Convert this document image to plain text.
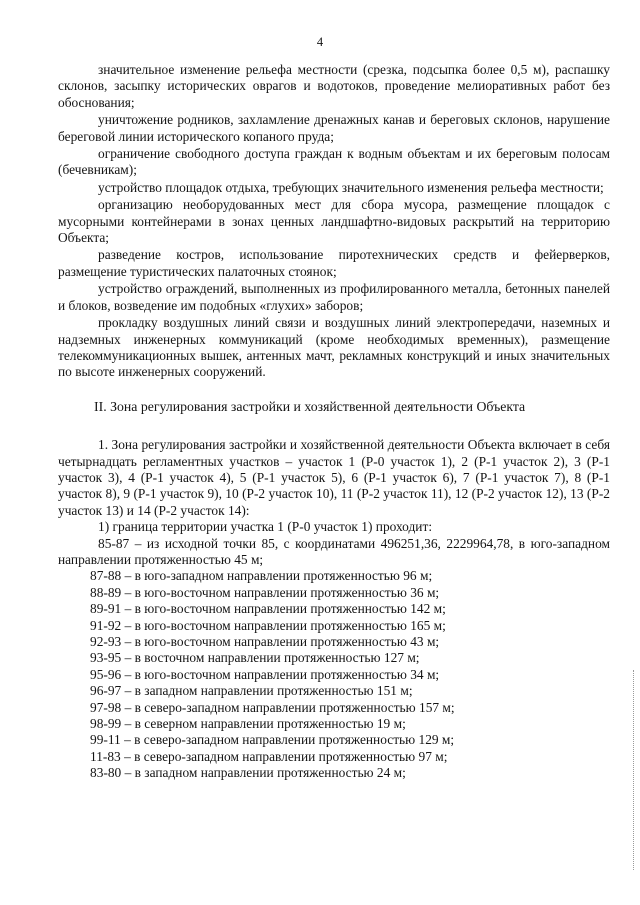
4

значительное изменение рельефа местности (срезка, подсыпка более 0,5 м), распашку склонов, засыпку исторических оврагов и водотоков, проведение мелиоративных работ без обоснования;

уничтожение родников, захламление дренажных канав и береговых склонов, нарушение береговой линии исторического копаного пруда;

ограничение свободного доступа граждан к водным объектам и их береговым полосам (бечевникам);

устройство площадок отдыха, требующих значительного изменения рельефа местности;

организацию необорудованных мест для сбора мусора, размещение площадок с мусорными контейнерами в зонах ценных ландшафтно-видовых раскрытий на территорию Объекта;

разведение костров, использование пиротехнических средств и фейерверков, размещение туристических палаточных стоянок;

устройство ограждений, выполненных из профилированного металла, бетонных панелей и блоков, возведение им подобных «глухих» заборов;

прокладку воздушных линий связи и воздушных линий электропередачи, наземных и надземных инженерных коммуникаций (кроме необходимых временных), размещение телекоммуникационных вышек, антенных мачт, рекламных конструкций и иных значительных по высоте инженерных сооружений.

II. Зона регулирования застройки и хозяйственной деятельности Объекта

1. Зона регулирования застройки и хозяйственной деятельности Объекта включает в себя четырнадцать регламентных участков – участок 1 (Р-0 участок 1), 2 (Р-1 участок 2), 3 (Р-1 участок 3), 4 (Р-1 участок 4), 5 (Р-1 участок 5), 6 (Р-1 участок 6), 7 (Р-1 участок 7), 8 (Р-1 участок 8), 9 (Р-1 участок 9), 10 (Р-2 участок 10), 11 (Р-2 участок 11), 12 (Р-2 участок 12), 13 (Р-2 участок 13) и 14 (Р-2 участок 14):

1) граница территории участка 1 (Р-0 участок 1) проходит:

85-87 – из исходной точки 85, с координатами 496251,36, 2229964,78, в юго-западном направлении протяженностью 45 м;

87-88 – в юго-западном направлении протяженностью 96 м;

88-89 – в юго-восточном направлении протяженностью 36 м;

89-91 – в юго-восточном направлении протяженностью 142 м;

91-92 – в юго-восточном направлении протяженностью 165 м;

92-93 – в юго-восточном направлении протяженностью 43 м;

93-95 – в восточном направлении протяженностью 127 м;

95-96 – в юго-восточном направлении протяженностью 34 м;

96-97 – в западном направлении протяженностью 151 м;

97-98 – в северо-западном направлении протяженностью 157 м;

98-99 – в северном направлении протяженностью 19 м;

99-11 – в северо-западном направлении протяженностью 129 м;

11-83 – в северо-западном направлении протяженностью 97 м;

83-80 – в западном направлении протяженностью 24 м;
